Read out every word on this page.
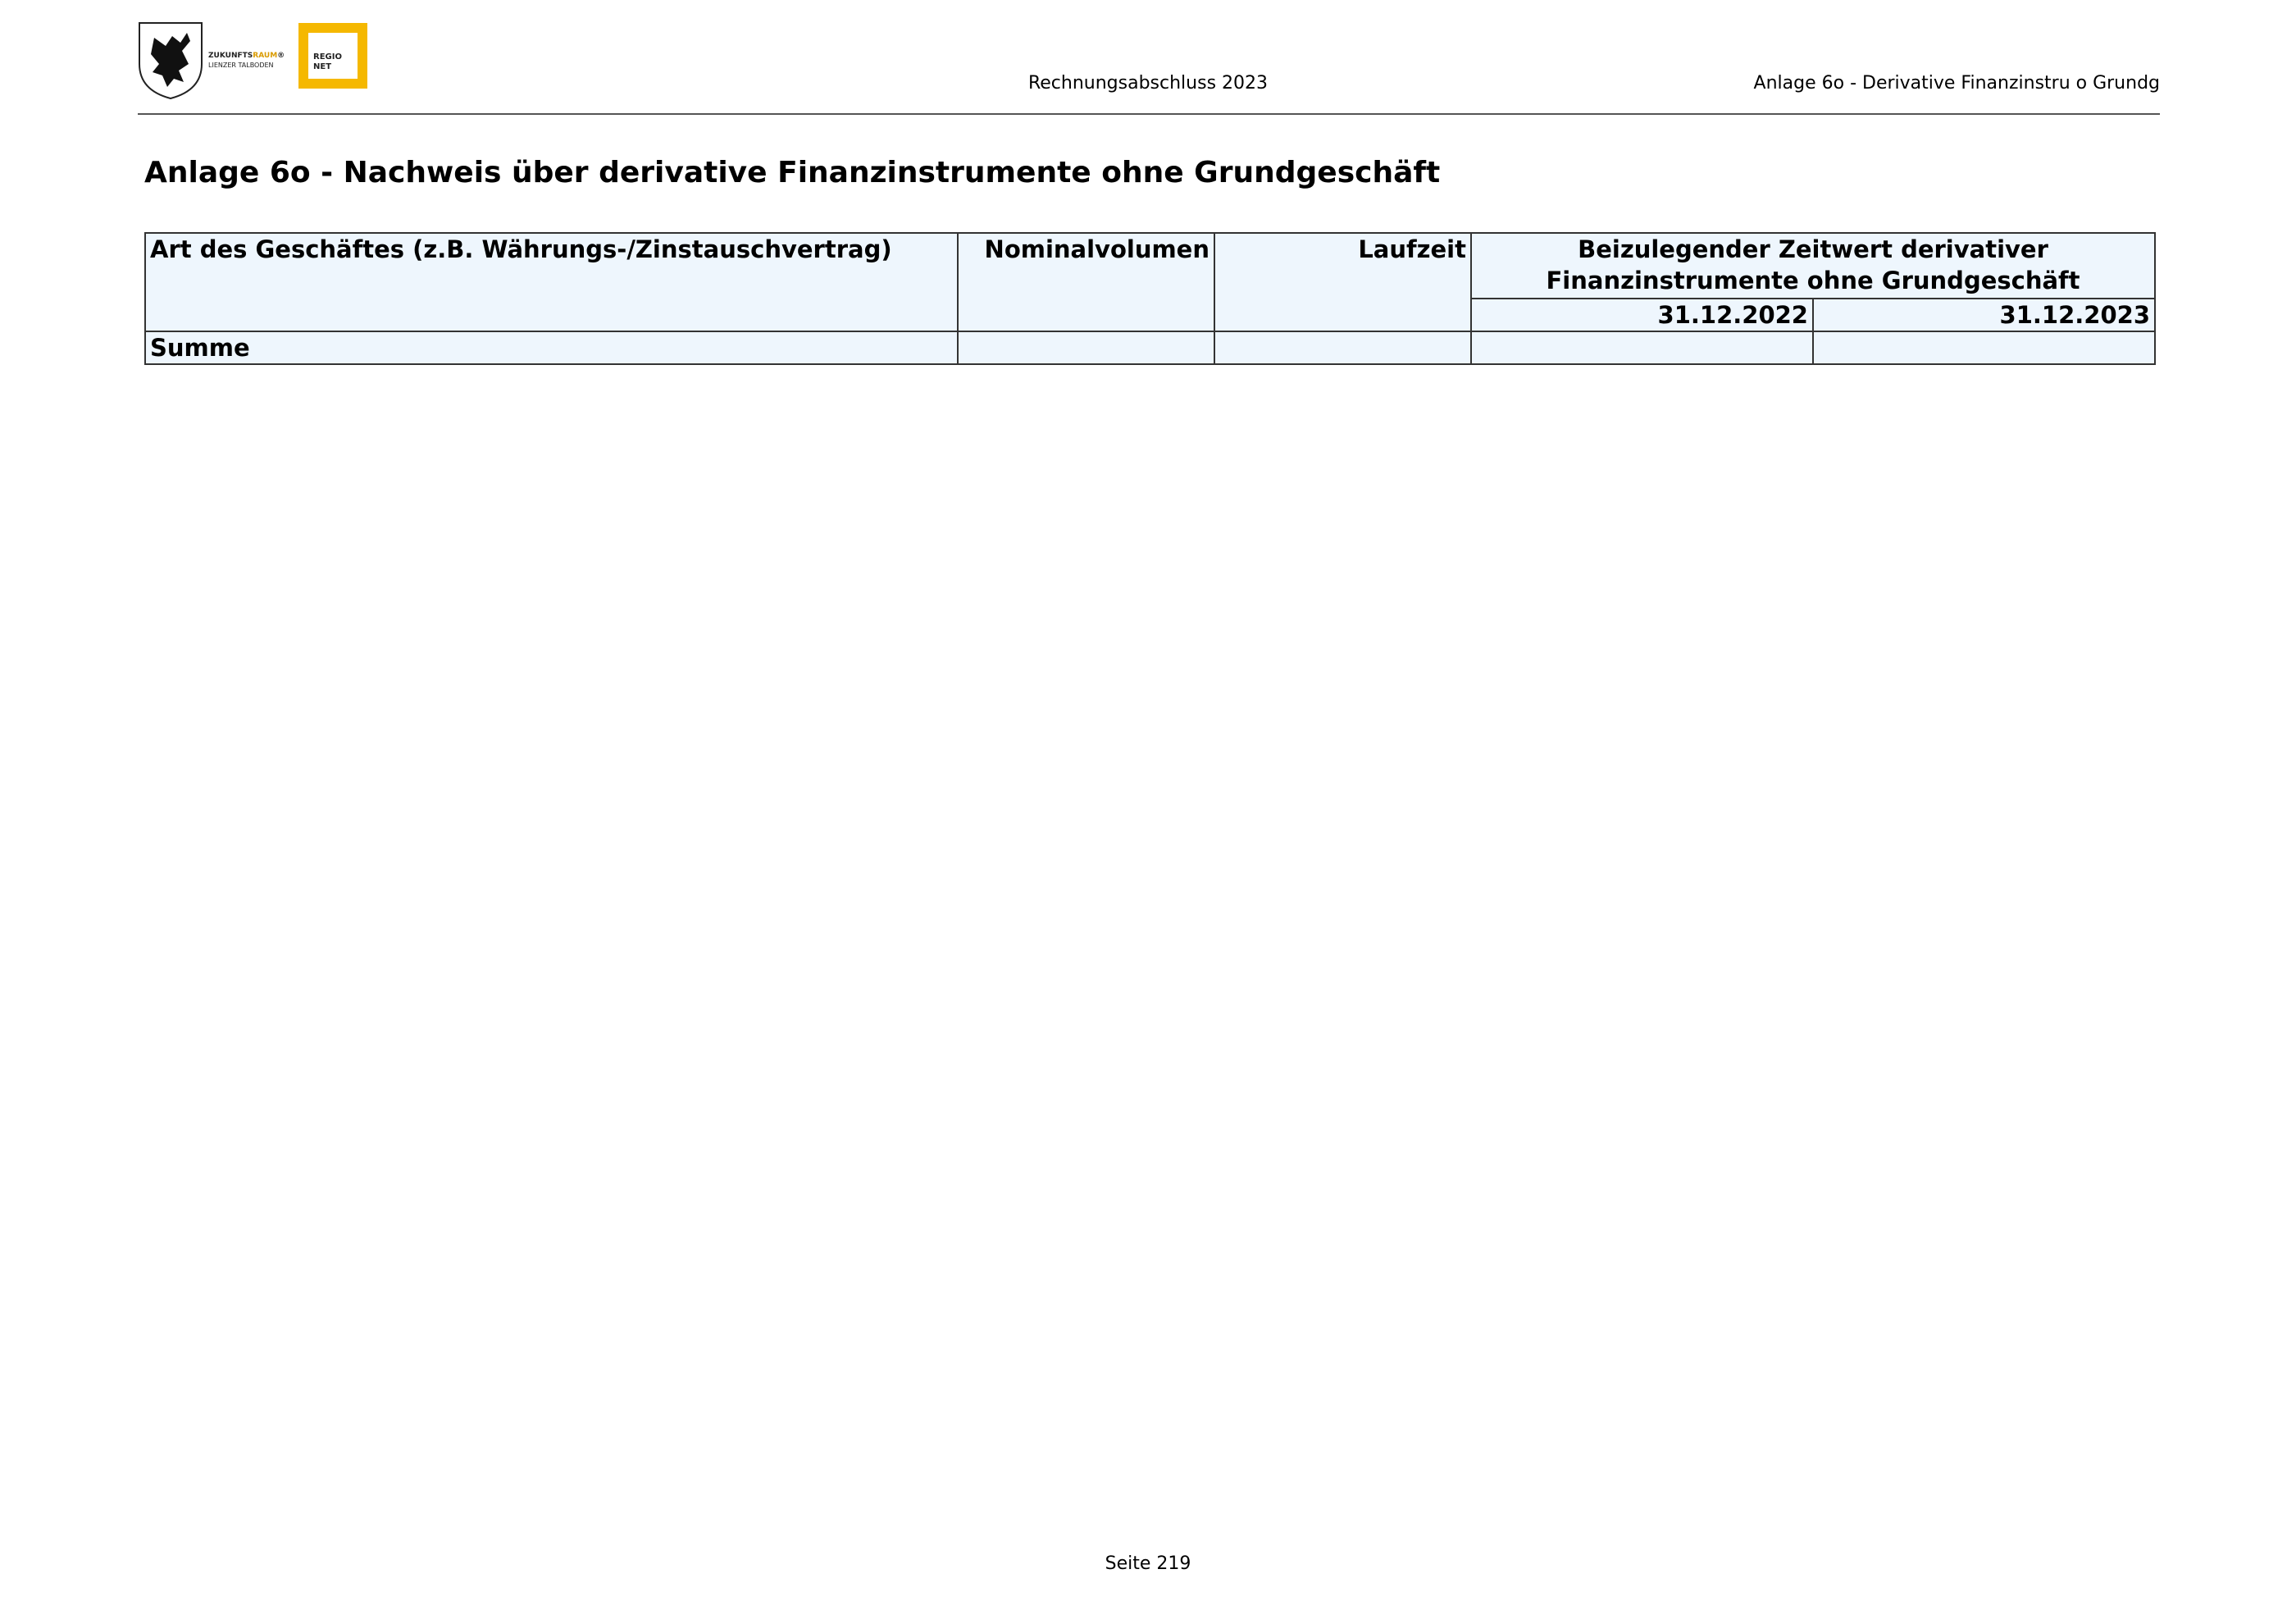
ZUKUNFTSRAUM®
LIENZER TALBODEN
REGIO
NET
Rechnungsabschluss 2023	Anlage 6o - Derivative Finanzinstru o Grundg
Anlage 6o - Nachweis über derivative Finanzinstrumente ohne Grundgeschäft
Art des Geschäftes (z.B. Währungs-/Zinstauschvertrag)	Nominalvolumen	Laufzeit	Beizulegender Zeitwert derivativer
Finanzinstrumente ohne Grundgeschäft	

			31.12.2022	31.12.2023
Summe				
Seite 219
